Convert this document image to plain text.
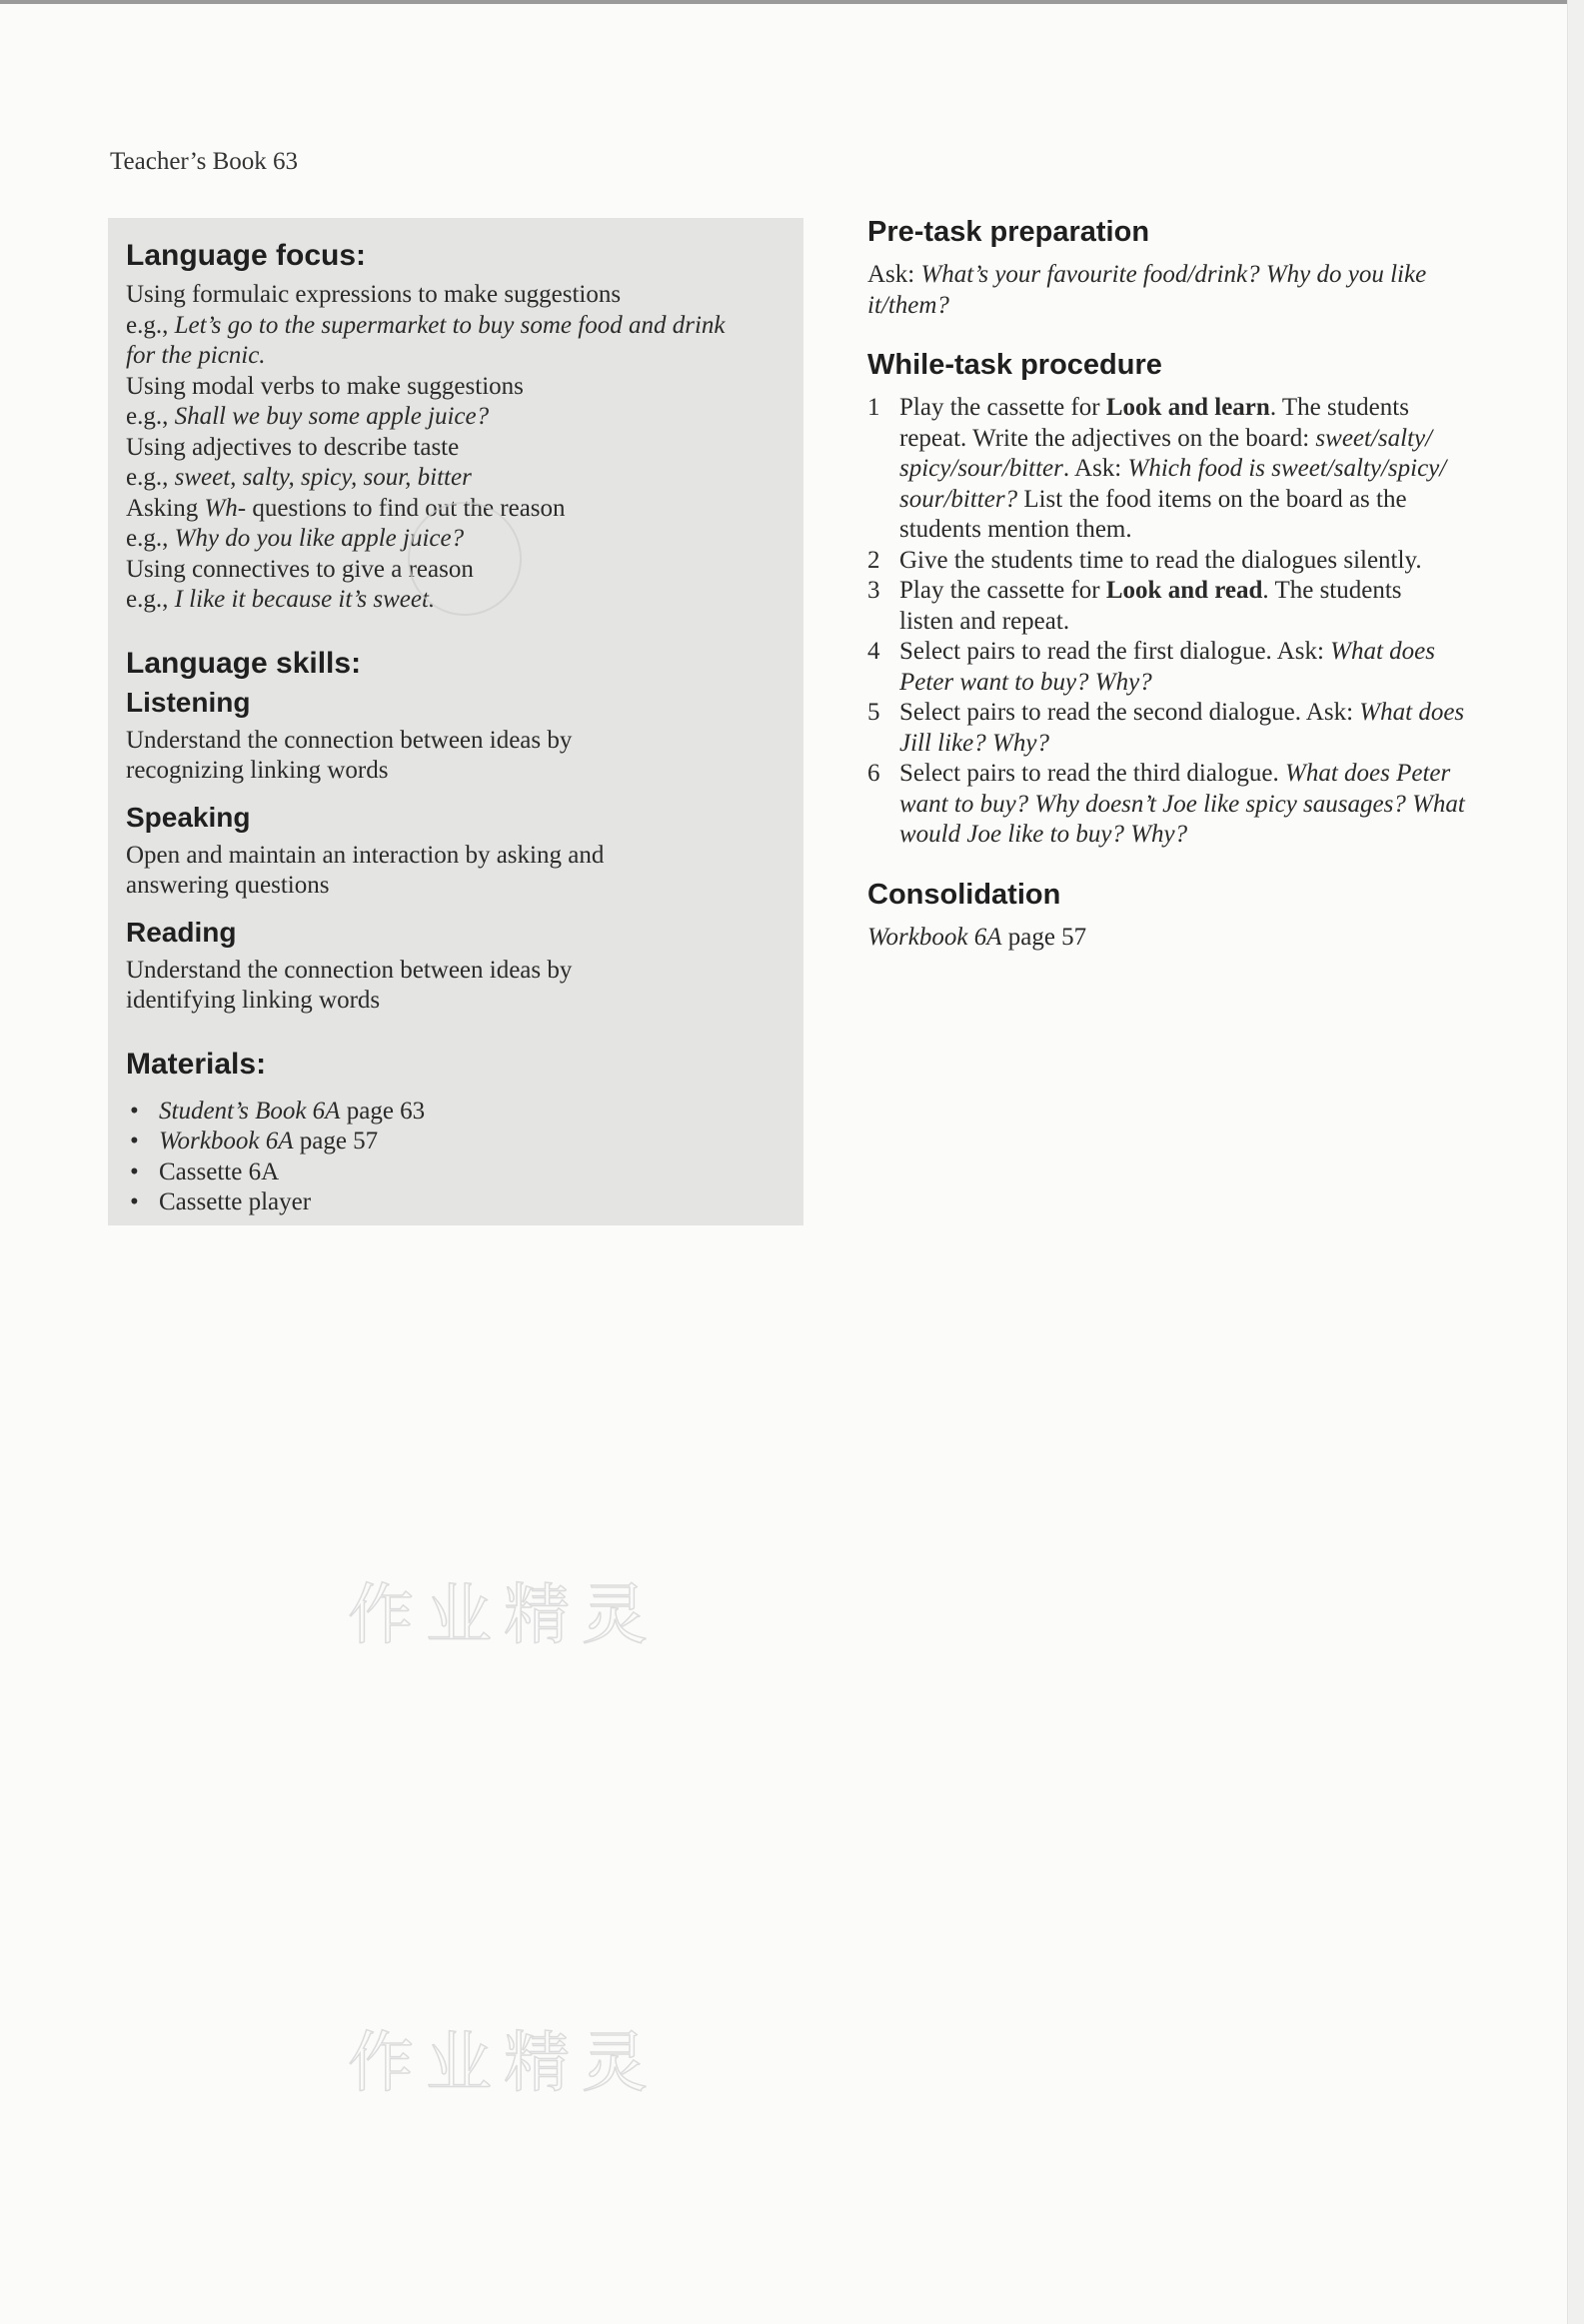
Teacher’s Book 63
Language focus:
Using formulaic expressions to make suggestions
e.g., Let’s go to the supermarket to buy some food and drink
for the picnic.
Using modal verbs to make suggestions
e.g., Shall we buy some apple juice?
Using adjectives to describe taste
e.g., sweet, salty, spicy, sour, bitter
Asking Wh- questions to find out the reason
e.g., Why do you like apple juice?
Using connectives to give a reason
e.g., I like it because it’s sweet.
Language skills:
Listening
Understand the connection between ideas by
recognizing linking words
Speaking
Open and maintain an interaction by asking and
answering questions
Reading
Understand the connection between ideas by
identifying linking words
Materials:
• Student’s Book 6A page 63
• Workbook 6A page 57
• Cassette 6A
• Cassette player
Pre-task preparation
Ask: What’s your favourite food/drink? Why do you like
it/them?
While-task procedure
1 Play the cassette for Look and learn. The students
repeat. Write the adjectives on the board: sweet/salty/
spicy/sour/bitter. Ask: Which food is sweet/salty/spicy/
sour/bitter? List the food items on the board as the
students mention them.
2 Give the students time to read the dialogues silently.
3 Play the cassette for Look and read. The students
listen and repeat.
4 Select pairs to read the first dialogue. Ask: What does
Peter want to buy? Why?
5 Select pairs to read the second dialogue. Ask: What does
Jill like? Why?
6 Select pairs to read the third dialogue. What does Peter
want to buy? Why doesn’t Joe like spicy sausages? What
would Joe like to buy? Why?
Consolidation
Workbook 6A page 57
作业精灵
作业精灵
